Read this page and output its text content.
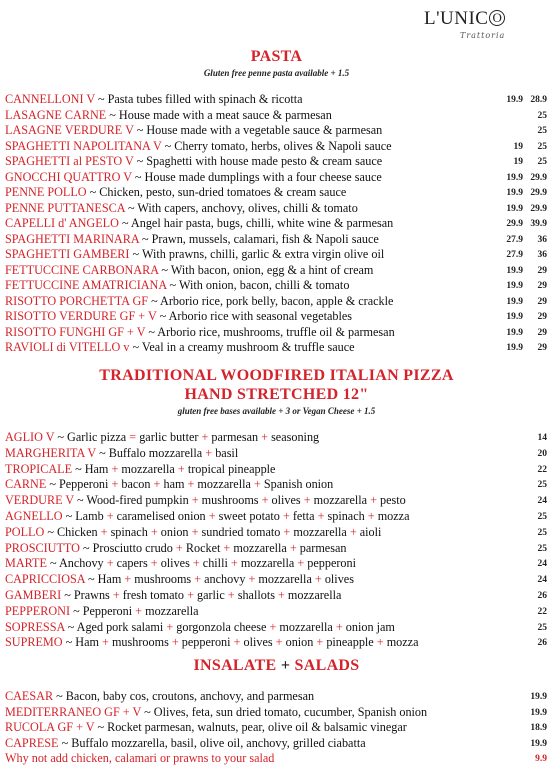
L'UNIC O
Trattoria
PASTA
Gluten free penne pasta available + 1.5
CANNELLONI V ~ Pasta tubes filled with spinach & ricotta	19.9 28.9
LASAGNE CARNE ~ House made with a meat sauce & parmesan	25
LASAGNE VERDURE V ~ House made with a vegetable sauce & parmesan	25
SPAGHETTI NAPOLITANA V ~ Cherry tomato, herbs, olives & Napoli sauce	19	25
SPAGHETTI al PESTO V ~ Spaghetti with house made pesto & cream sauce	19	25
GNOCCHI QUATTRO V ~ House made dumplings with a four cheese sauce	19.9 29.9
PENNE POLLO ~ Chicken, pesto, sun-dried tomatoes & cream sauce	19.9 29.9
PENNE PUTTANESCA ~ With capers, anchovy, olives, chilli & tomato	19.9 29.9
CAPELLI d' ANGELO ~ Angel hair pasta, bugs, chilli, white wine & parmesan	29.9 39.9
SPAGHETTI MARINARA ~ Prawn, mussels, calamari, fish & Napoli sauce	27.9	36
SPAGHETTI GAMBERI ~ With prawns, chilli, garlic & extra virgin olive oil	27.9	36
FETTUCCINE CARBONARA ~ With bacon, onion, egg & a hint of cream	19.9	29
FETTUCCINE AMATRICIANA ~ With onion, bacon, chilli & tomato	19.9	29
RISOTTO PORCHETTA GF ~ Arborio rice, pork belly, bacon, apple & crackle	19.9	29
RISOTTO VERDURE GF + V ~ Arborio rice with seasonal vegetables	19.9	29
RISOTTO FUNGHI GF + V ~ Arborio rice, mushrooms, truffle oil & parmesan	19.9	29
RAVIOLI di VITELLO v ~ Veal in a creamy mushroom & truffle sauce	19.9	29
TRADITIONAL WOODFIRED ITALIAN PIZZA
HAND STRETCHED 12"
gluten free bases available + 3 or Vegan Cheese + 1.5
AGLIO V ~ Garlic pizza = garlic butter + parmesan + seasoning	14
MARGHERITA V ~ Buffalo mozzarella + basil	20
TROPICALE ~ Ham + mozzarella + tropical pineapple	22
CARNE ~ Pepperoni + bacon + ham + mozzarella + Spanish onion	25
VERDURE V ~ Wood-fired pumpkin + mushrooms + olives + mozzarella + pesto	24
AGNELLO ~ Lamb + caramelised onion + sweet potato + fetta + spinach + mozza	25
POLLO ~ Chicken + spinach + onion + sundried tomato + mozzarella + aioli	25
PROSCIUTTO ~ Prosciutto crudo + Rocket + mozzarella + parmesan	25
MARTE ~ Anchovy + capers + olives + chilli + mozzarella + pepperoni	24
CAPRICCIOSA ~ Ham + mushrooms + anchovy + mozzarella + olives	24
GAMBERI ~ Prawns + fresh tomato + garlic + shallots + mozzarella	26
PEPPERONI ~ Pepperoni + mozzarella	22
SOPRESSA ~ Aged pork salami + gorgonzola cheese + mozzarella + onion jam	25
SUPREMO ~ Ham + mushrooms + pepperoni + olives + onion + pineapple + mozza	26
INSALATE + SALADS
CAESAR ~ Bacon, baby cos, croutons, anchovy, and parmesan	19.9
MEDITERRANEO GF + V ~ Olives, feta, sun dried tomato, cucumber, Spanish onion	19.9
RUCOLA GF + V ~ Rocket parmesan, walnuts, pear, olive oil & balsamic vinegar	18.9
CAPRESE ~ Buffalo mozzarella, basil, olive oil, anchovy, grilled ciabatta	19.9
Why not add chicken, calamari or prawns to your salad	9.9
